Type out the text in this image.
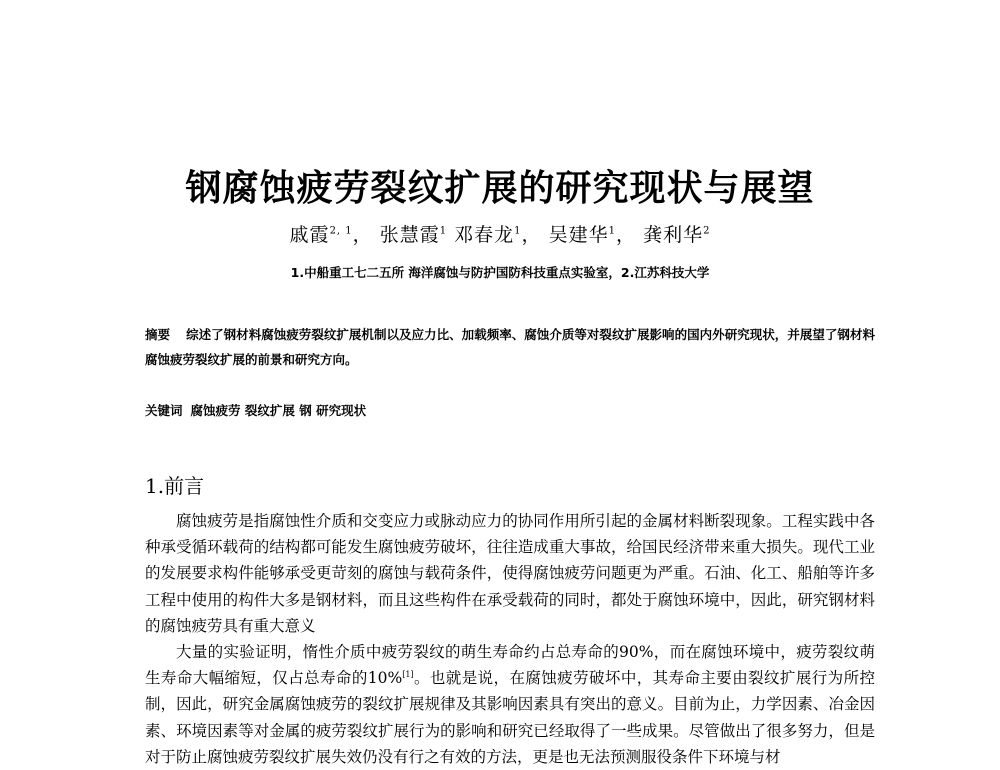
钢腐蚀疲劳裂纹扩展的研究现状与展望
戚霞$^{2, 1}$， 张慧霞$^1$ 邓春龙$^1$， 吴建华$^1$， 龚利华$^2$
1.中船重工七二五所 海洋腐蚀与防护国防科技重点实验室，2.江苏科技大学
摘要 综述了钢材料腐蚀疲劳裂纹扩展机制以及应力比、加载频率、腐蚀介质等对裂纹扩展影响的国内外研究现状，并展望了钢材料腐蚀疲劳裂纹扩展的前景和研究方向。
关键词 腐蚀疲劳 裂纹扩展 钢 研究现状
1.前言

腐蚀疲劳是指腐蚀性介质和交变应力或脉动应力的协同作用所引起的金属材料断裂现象。工程实践中各种承受循环载荷的结构都可能发生腐蚀疲劳破坏，往往造成重大事故，给国民经济带来重大损失。现代工业的发展要求构件能够承受更苛刻的腐蚀与载荷条件，使得腐蚀疲劳问题更为严重。石油、化工、船舶等许多工程中使用的构件大多是钢材料，而且这些构件在承受载荷的同时，都处于腐蚀环境中，因此，研究钢材料的腐蚀疲劳具有重大意义

大量的实验证明，惰性介质中疲劳裂纹的萌生寿命约占总寿命的90%，而在腐蚀环境中，疲劳裂纹萌生寿命大幅缩短，仅占总寿命的10%[1]。也就是说，在腐蚀疲劳破坏中，其寿命主要由裂纹扩展行为所控制，因此，研究金属腐蚀疲劳的裂纹扩展规律及其影响因素具有突出的意义。目前为止，力学因素、冶金因素、环境因素等对金属的疲劳裂纹扩展行为的影响和研究已经取得了一些成果。尽管做出了很多努力，但是对于防止腐蚀疲劳裂纹扩展失效仍没有行之有效的方法，更是也无法预测服役条件下环境与材
